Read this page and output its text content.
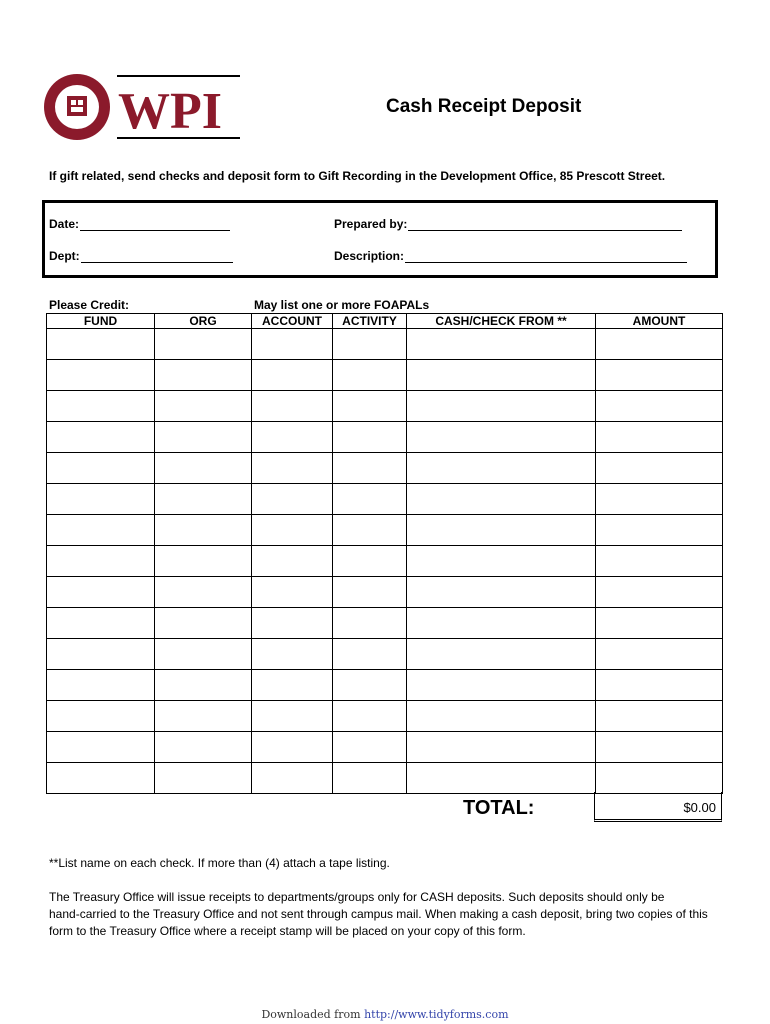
WPI	Cash Receipt Deposit
If gift related, send checks and deposit form to Gift Recording in the Development Office, 85 Prescott Street.
Date:	Prepared by:
Dept:	Description:
Please Credit:	May list one or more FOAPALs
FUND	ORG	ACCOUNT	ACTIVITY	CASH/CHECK FROM **	AMOUNT

TOTAL:	$0.00
**List name on each check. If more than (4) attach a tape listing.
The Treasury Office will issue receipts to departments/groups only for CASH deposits. Such deposits should only be
hand-carried to the Treasury Office and not sent through campus mail. When making a cash deposit, bring two copies of this
form to the Treasury Office where a receipt stamp will be placed on your copy of this form.
Downloaded from http://www.tidyforms.com
